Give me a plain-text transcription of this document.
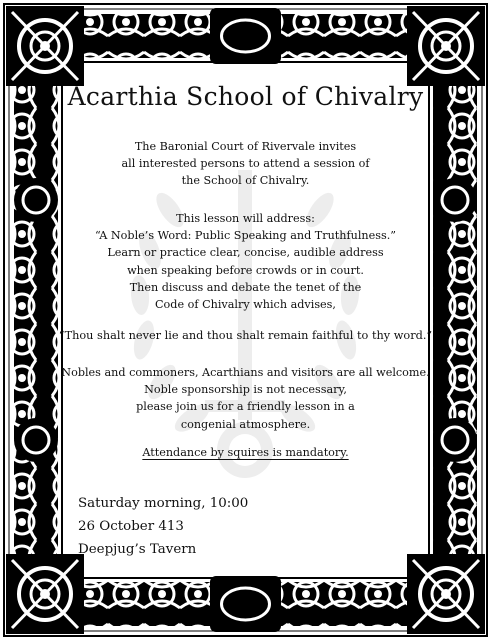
Acarthia School of Chivalry
The Baronial Court of Rivervale invites
all interested persons to attend a session of
the School of Chivalry.
This lesson will address:
“A Noble’s Word: Public Speaking and Truthfulness.”
Learn or practice clear, concise, audible address
when speaking before crowds or in court.
Then discuss and debate the tenet of the
Code of Chivalry which advises,
“Thou shalt never lie and thou shalt remain faithful to thy word.”
Nobles and commoners, Acarthians and visitors are all welcome.
Noble sponsorship is not necessary,
please join us for a friendly lesson in a
congenial atmosphere.
Attendance by squires is mandatory.
Saturday morning, 10:00
26 October 413
Deepjug’s Tavern
